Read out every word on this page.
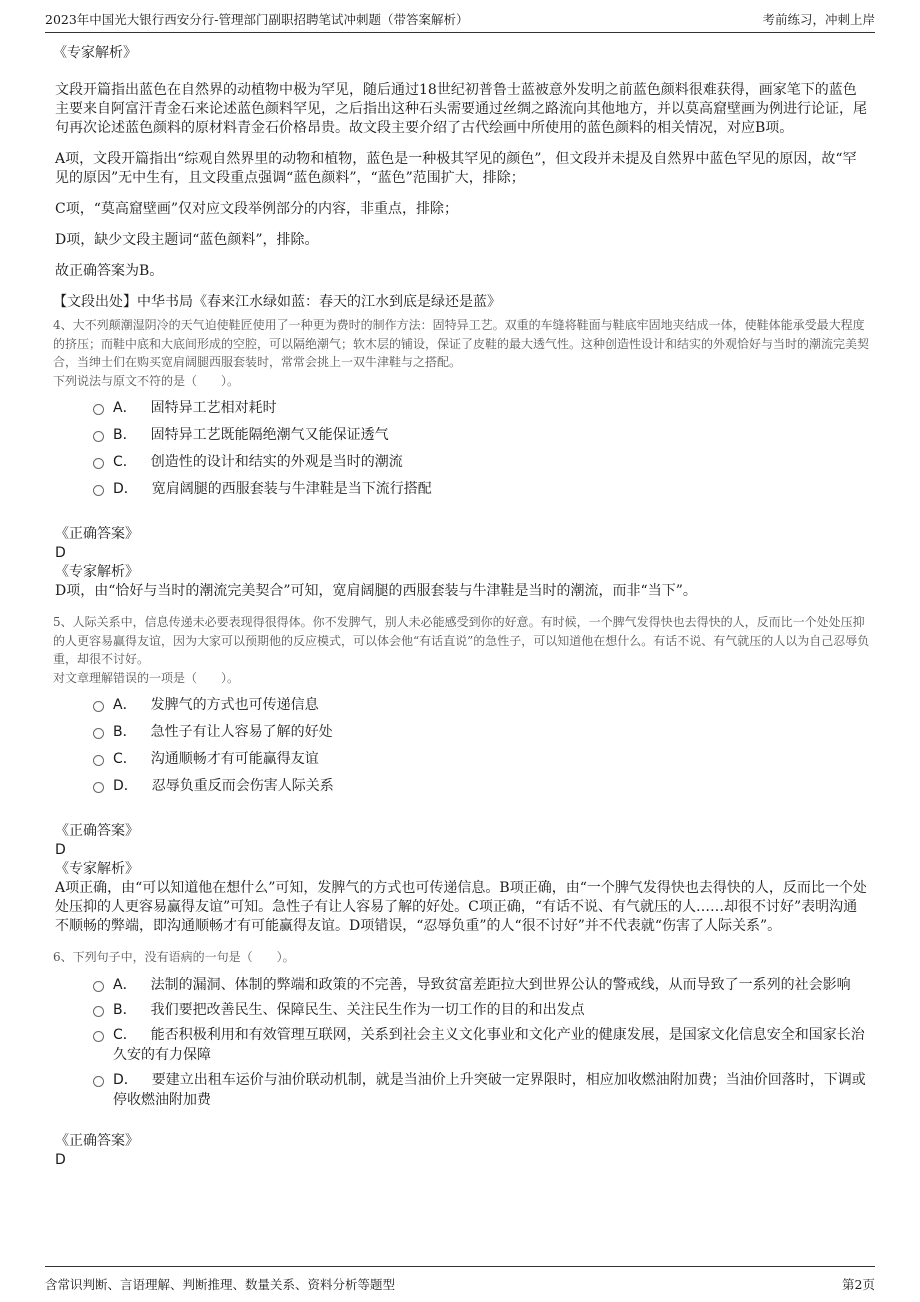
2023年中国光大银行西安分行-管理部门副职招聘笔试冲刺题（带答案解析）	考前练习，冲刺上岸

《专家解析》

文段开篇指出蓝色在自然界的动植物中极为罕见，随后通过18世纪初普鲁士蓝被意外发明之前蓝色颜料很难获得，画家笔下的蓝色主要来自阿富汗青金石来论述蓝色颜料罕见，之后指出这种石头需要通过丝绸之路流向其他地方，并以莫高窟壁画为例进行论证，尾句再次论述蓝色颜料的原材料青金石价格昂贵。故文段主要介绍了古代绘画中所使用的蓝色颜料的相关情况，对应B项。

A项，文段开篇指出“综观自然界里的动物和植物，蓝色是一种极其罕见的颜色”，但文段并未提及自然界中蓝色罕见的原因，故“罕见的原因”无中生有，且文段重点强调“蓝色颜料”，“蓝色”范围扩大，排除；

C项，“莫高窟壁画”仅对应文段举例部分的内容，非重点，排除；

D项，缺少文段主题词“蓝色颜料”，排除。

故正确答案为B。

【文段出处】中华书局《春来江水绿如蓝：春天的江水到底是绿还是蓝》

4、大不列颠潮湿阴冷的天气迫使鞋匠使用了一种更为费时的制作方法：固特异工艺。双重的车缝将鞋面与鞋底牢固地夹结成一体，使鞋体能承受最大程度的挤压；而鞋中底和大底间形成的空腔，可以隔绝潮气；软木层的铺设，保证了皮鞋的最大透气性。这种创造性设计和结实的外观恰好与当时的潮流完美契合，当绅士们在购买宽肩阔腿西服套装时，常常会挑上一双牛津鞋与之搭配。

下列说法与原文不符的是（　　）。

A． 固特异工艺相对耗时

B． 固特异工艺既能隔绝潮气又能保证透气

C． 创造性的设计和结实的外观是当时的潮流

D． 宽肩阔腿的西服套装与牛津鞋是当下流行搭配

《正确答案》

D

《专家解析》

D项，由“恰好与当时的潮流完美契合”可知，宽肩阔腿的西服套装与牛津鞋是当时的潮流，而非“当下”。

5、人际关系中，信息传递未必要表现得很得体。你不发脾气，别人未必能感受到你的好意。有时候，一个脾气发得快也去得快的人，反而比一个处处压抑的人更容易赢得友谊，因为大家可以预期他的反应模式，可以体会他“有话直说”的急性子，可以知道他在想什么。有话不说、有气就压的人以为自己忍辱负重，却很不讨好。

对文章理解错误的一项是（　　）。

A． 发脾气的方式也可传递信息

B． 急性子有让人容易了解的好处

C． 沟通顺畅才有可能赢得友谊

D． 忍辱负重反而会伤害人际关系

《正确答案》

D

《专家解析》

A项正确，由“可以知道他在想什么”可知，发脾气的方式也可传递信息。B项正确，由“一个脾气发得快也去得快的人，反而比一个处处压抑的人更容易赢得友谊”可知。急性子有让人容易了解的好处。C项正确，“有话不说、有气就压的人……却很不讨好”表明沟通不顺畅的弊端，即沟通顺畅才有可能赢得友谊。D项错误，“忍辱负重”的人“很不讨好”并不代表就“伤害了人际关系”。

6、下列句子中，没有语病的一句是（　　）。

A． 法制的漏洞、体制的弊端和政策的不完善，导致贫富差距拉大到世界公认的警戒线，从而导致了一系列的社会影响

B． 我们要把改善民生、保障民生、关注民生作为一切工作的目的和出发点

C． 能否积极利用和有效管理互联网，关系到社会主义文化事业和文化产业的健康发展，是国家文化信息安全和国家长治久安的有力保障

D． 要建立出租车运价与油价联动机制，就是当油价上升突破一定界限时，相应加收燃油附加费；当油价回落时，下调或停收燃油附加费

《正确答案》

D

含常识判断、言语理解、判断推理、数量关系、资料分析等题型	第2页
